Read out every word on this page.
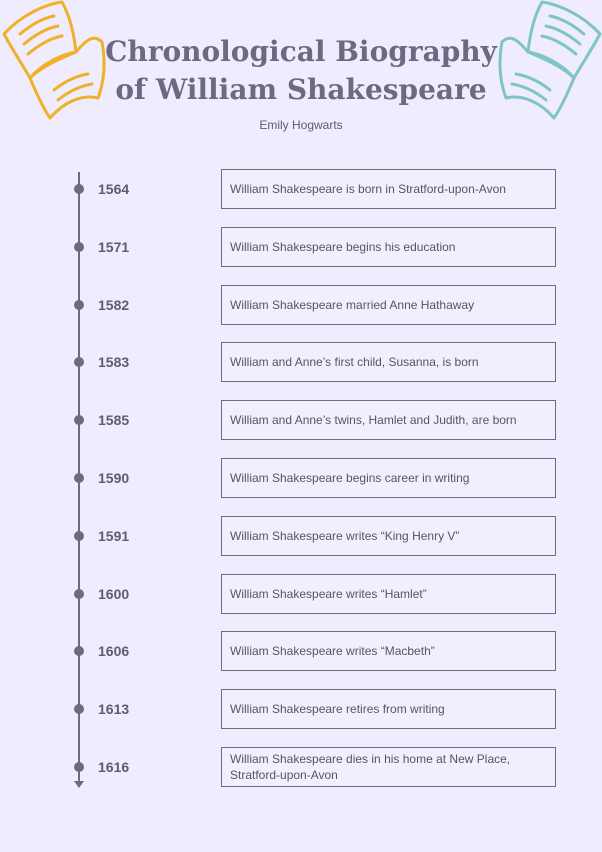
Chronological Biography
of William Shakespeare
Emily Hogwarts
1564	William Shakespeare is born in Stratford-upon-Avon
1571	William Shakespeare begins his education
1582	William Shakespeare married Anne Hathaway
1583	William and Anne’s first child, Susanna, is born
1585	William and Anne’s twins, Hamlet and Judith, are born
1590	William Shakespeare begins career in writing
1591	William Shakespeare writes “King Henry V”
1600	William Shakespeare writes “Hamlet”
1606	William Shakespeare writes “Macbeth”
1613	William Shakespeare retires from writing
1616	William Shakespeare dies in his home at New Place, Stratford-upon-Avon
